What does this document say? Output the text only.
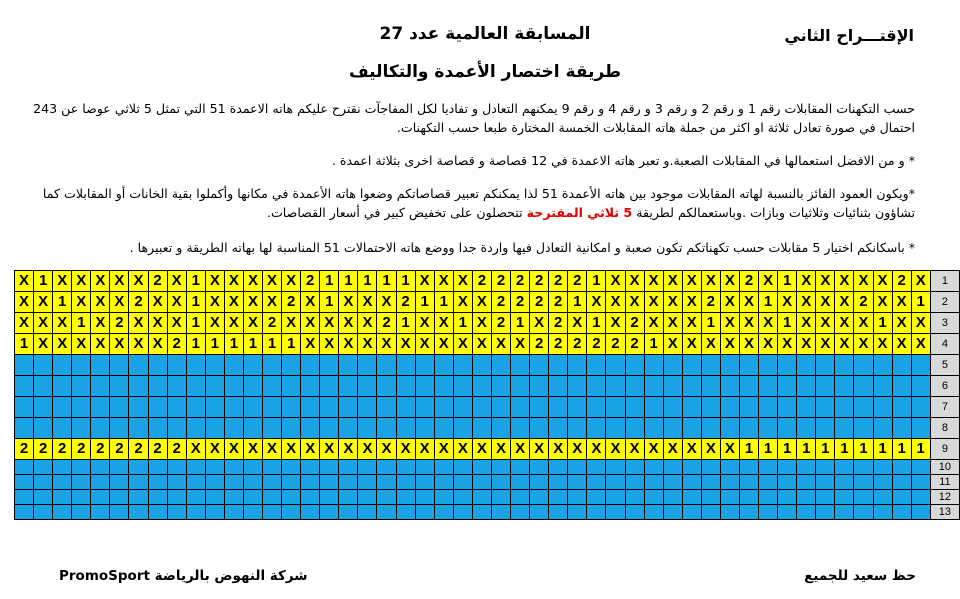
الإقتـــراح الثاني
المسابقة العالمية عدد 27
طريقة اختصار الأعمدة والتكاليف
حسب التكهنات المقابلات رقم 1 و رقم 2 و رقم 3 و رقم 4 و رقم 9 يمكنهم التعادل و تفاديا لكل المفاجآت نقترح عليكم هاته الاعمدة 51 التي تمثل 5 ثلاثي عوضا عن 243 احتمال في صورة تعادل ثلاثة او اكثر من جملة هاته المقابلات الخمسة المختارة طبعا حسب التكهنات.
* و من الافضل استعمالها في المقابلات الصعبة.و تعبر هاته الاعمدة في 12 قصاصة و قصاصة اخرى بثلاثة اعمدة .
*ويكون العمود الفائز بالنسبة لهاته المقابلات موجود بين هاته الأعمدة 51 لذا يمكنكم تعبير قصاصاتكم وضعوا هاته الأعمدة في مكانها وأكملوا بقية الخانات أو المقابلات كما تشاؤون بثنائيات وثلاثيات وبازات .وباستعمالكم لطريقة 5 ثلاثي المقترحة تتحصلون على تخفيض كبير في أسعار القصاصات.
* باسكانكم اختيار 5 مقابلات حسب تكهناتكم تكون صعبة و امكانية التعادل فيها واردة جدا ووضع هاته الاحتمالات 51 المناسبة لها بهاته الطريقة و تعبيرها .
X	1	X	X	X	X	X	2	X	1	X	X	X	X	X	2	1	1	1	1	1	X	X	X	2	2	2	2	2	2	1	X	X	X	X	X	X	X	2	X	1	X	X	X	X	X	2	X	1
X	X	1	X	X	X	2	X	X	1	X	X	X	X	2	X	1	X	X	X	2	1	1	X	X	2	2	2	2	1	X	X	X	X	X	X	2	X	X	1	X	X	X	X	2	X	X	1	2
X	X	X	1	X	2	X	X	X	1	X	X	X	2	X	X	X	X	X	2	1	X	X	1	X	2	1	X	2	X	1	X	2	X	X	X	1	X	X	X	1	X	X	X	X	1	X	X	3
1	X	X	X	X	X	X	X	2	1	1	1	1	1	1	X	X	X	X	X	X	X	X	X	X	X	X	2	2	2	2	2	2	1	X	X	X	X	X	X	X	X	X	X	X	X	X	X	4
																																																5
																																																6
																																																7
																																																8
2	2	2	2	2	2	2	2	2	X	X	X	X	X	X	X	X	X	X	X	X	X	X	X	X	X	X	X	X	X	X	X	X	X	X	X	X	X	1	1	1	1	1	1	1	1	1	1	9
																																																10
																																																11
																																																12
																																																13
شركة النهوض بالرياضة PromoSport	حظ سعيد للجميع
